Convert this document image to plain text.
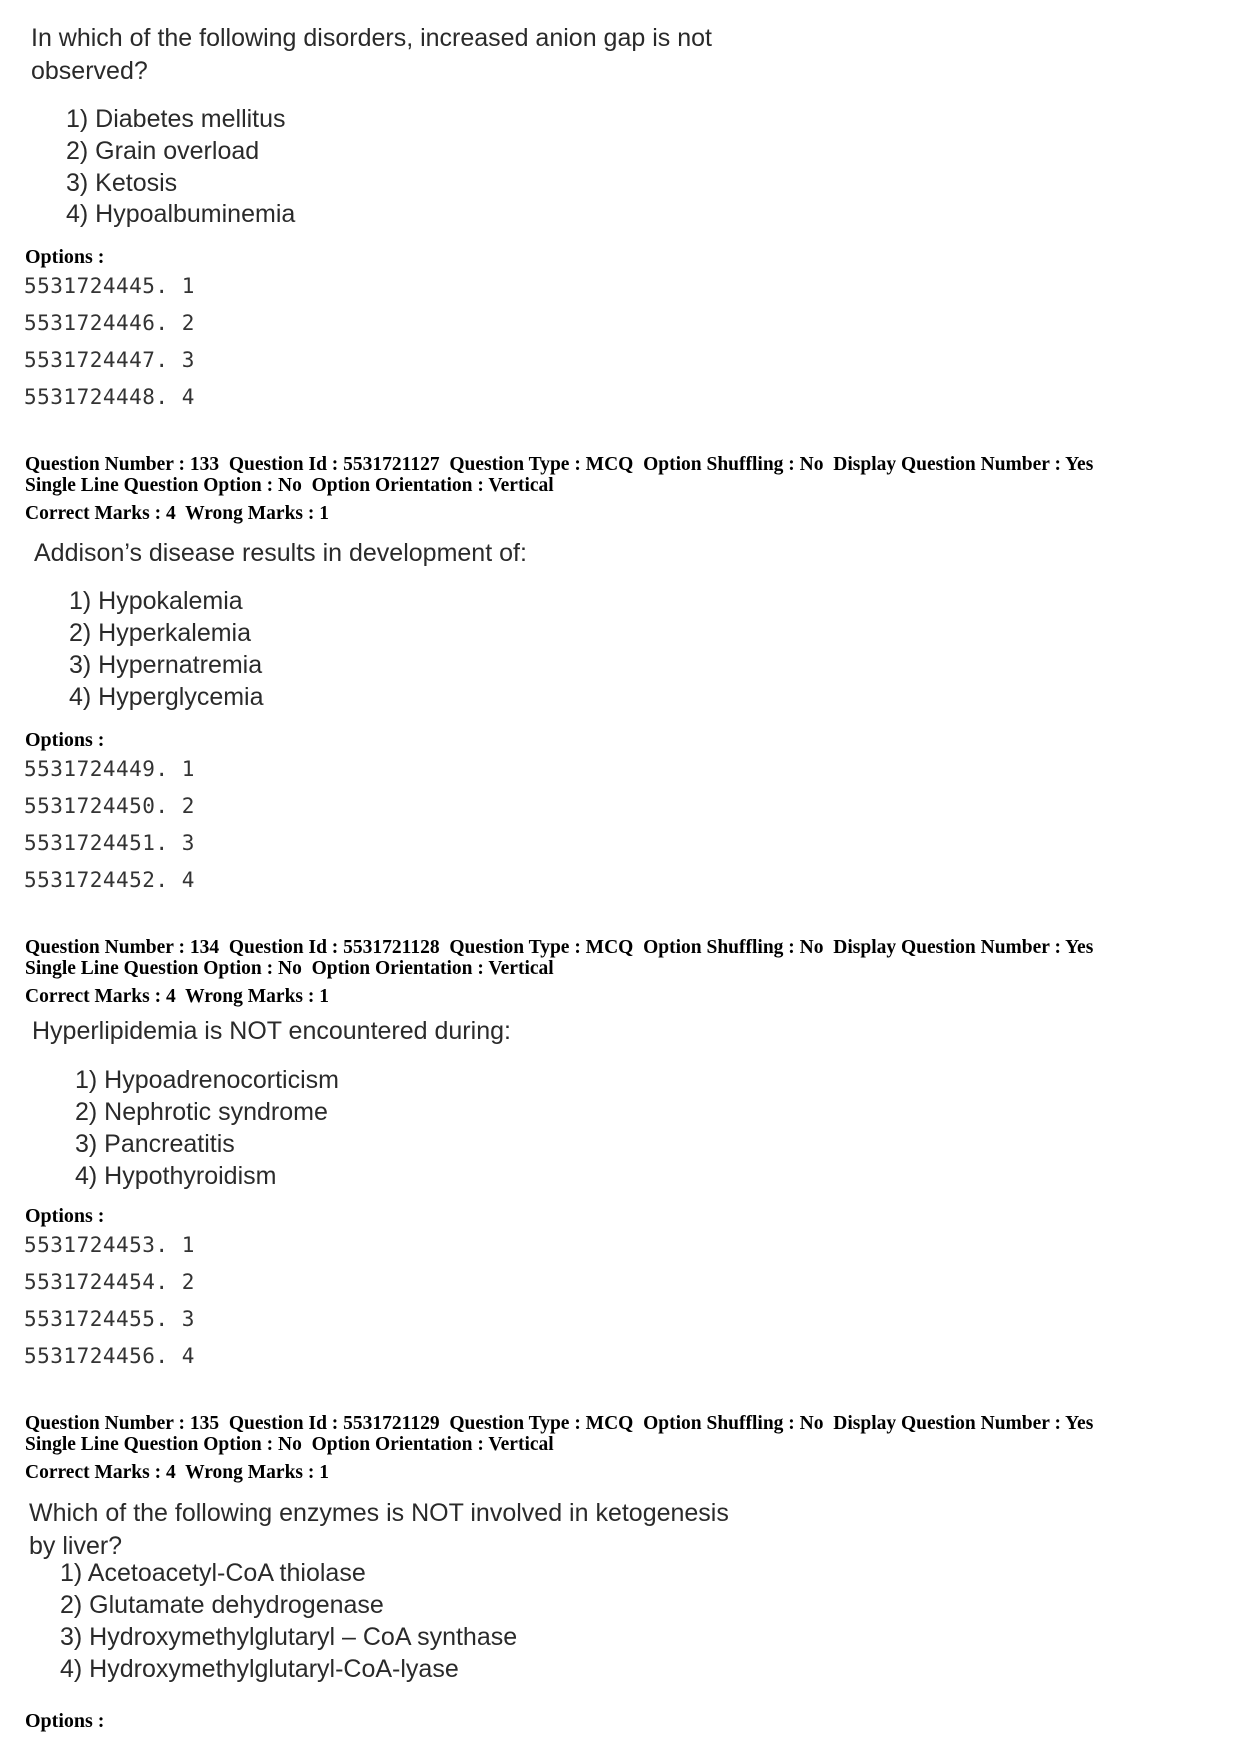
In which of the following disorders, increased anion gap is not
observed?
1) Diabetes mellitus
2) Grain overload
3) Ketosis
4) Hypoalbuminemia
Options :
5531724445. 1
5531724446. 2
5531724447. 3
5531724448. 4
Question Number : 133  Question Id : 5531721127  Question Type : MCQ  Option Shuffling : No  Display Question Number : Yes
Single Line Question Option : No  Option Orientation : Vertical
Correct Marks : 4  Wrong Marks : 1
Addison’s disease results in development of:
1) Hypokalemia
2) Hyperkalemia
3) Hypernatremia
4) Hyperglycemia
Options :
5531724449. 1
5531724450. 2
5531724451. 3
5531724452. 4
Question Number : 134  Question Id : 5531721128  Question Type : MCQ  Option Shuffling : No  Display Question Number : Yes
Single Line Question Option : No  Option Orientation : Vertical
Correct Marks : 4  Wrong Marks : 1
Hyperlipidemia is NOT encountered during:
1) Hypoadrenocorticism
2) Nephrotic syndrome
3) Pancreatitis
4) Hypothyroidism
Options :
5531724453. 1
5531724454. 2
5531724455. 3
5531724456. 4
Question Number : 135  Question Id : 5531721129  Question Type : MCQ  Option Shuffling : No  Display Question Number : Yes
Single Line Question Option : No  Option Orientation : Vertical
Correct Marks : 4  Wrong Marks : 1
Which of the following enzymes is NOT involved in ketogenesis
by liver?
1) Acetoacetyl-CoA thiolase
2) Glutamate dehydrogenase
3) Hydroxymethylglutaryl – CoA synthase
4) Hydroxymethylglutaryl-CoA-lyase
Options :
